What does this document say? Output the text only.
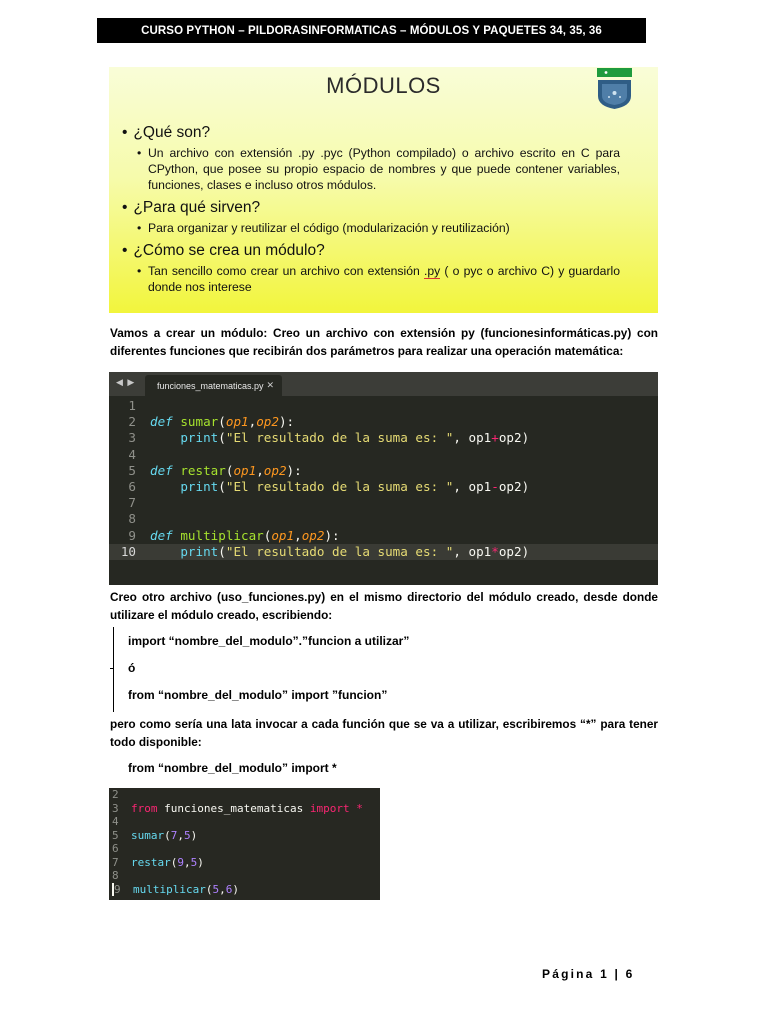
CURSO PYTHON – PILDORASINFORMATICAS – MÓDULOS Y PAQUETES 34, 35, 36
MÓDULOS
• ¿Qué son?
• Un archivo con extensión .py .pyc (Python compilado) o archivo escrito en C para CPython, que posee su propio espacio de nombres y que puede contener variables, funciones, clases e incluso otros módulos.
• ¿Para qué sirven?
• Para organizar y reutilizar el código (modularización y reutilización)
• ¿Cómo se crea un módulo?
• Tan sencillo como crear un archivo con extensión .py ( o pyc o archivo C) y guardarlo donde nos interese
Vamos a crear un módulo: Creo un archivo con extensión py (funcionesinformáticas.py) con diferentes funciones que recibirán dos parámetros para realizar una operación matemática:
◀ ▶ funciones_matematicas.py ✕
1
2 def sumar(op1,op2):
3	print("El resultado de la suma es: ", op1+op2)
4
5 def restar(op1,op2):
6	print("El resultado de la suma es: ", op1-op2)
7
8
9 def multiplicar(op1,op2):
10	print("El resultado de la suma es: ", op1*op2)
Creo otro archivo (uso_funciones.py) en el mismo directorio del módulo creado, desde donde utilizare el módulo creado, escribiendo:
import “nombre_del_modulo”.”funcion a utilizar”
ó
from “nombre_del_modulo” import ”funcion”
pero como sería una lata invocar a cada función que se va a utilizar, escribiremos “*” para tener todo disponible:
from “nombre_del_modulo” import *
2
3 from funciones_matematicas import *
4
5 sumar(7,5)
6
7 restar(9,5)
8
9 multiplicar(5,6)
Página 1 | 6
